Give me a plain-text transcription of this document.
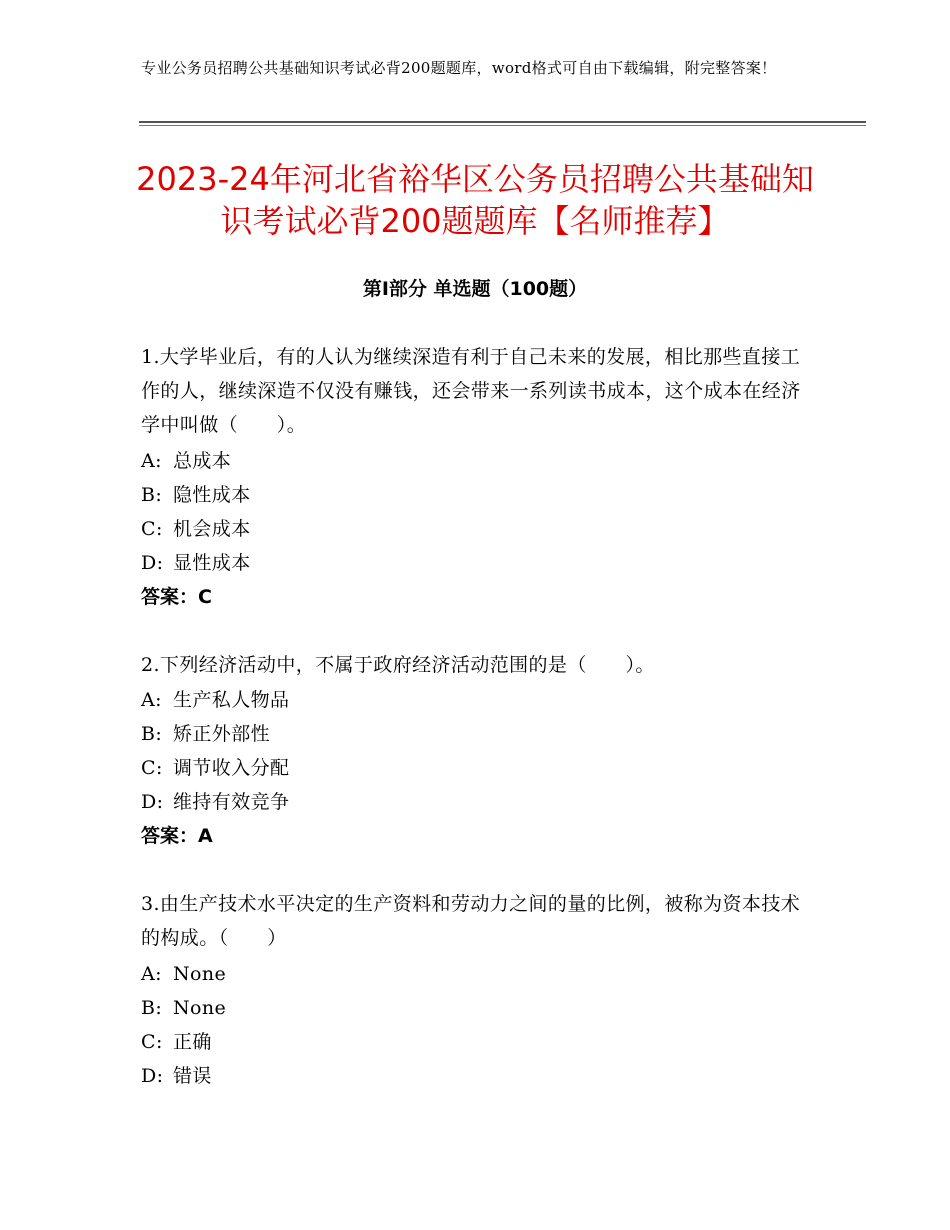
专业公务员招聘公共基础知识考试必背200题题库，word格式可自由下载编辑，附完整答案！
2023-24年河北省裕华区公务员招聘公共基础知识考试必背200题题库【名师推荐】
第Ⅰ部分 单选题（100题）
1.大学毕业后，有的人认为继续深造有利于自己未来的发展，相比那些直接工作的人，继续深造不仅没有赚钱，还会带来一系列读书成本，这个成本在经济学中叫做（　　）。
A: 总成本
B: 隐性成本
C: 机会成本
D: 显性成本
答案：C
2.下列经济活动中，不属于政府经济活动范围的是（　　）。
A: 生产私人物品
B: 矫正外部性
C: 调节收入分配
D: 维持有效竞争
答案：A
3.由生产技术水平决定的生产资料和劳动力之间的量的比例，被称为资本技术的构成。（　　）
A: None
B: None
C: 正确
D: 错误
